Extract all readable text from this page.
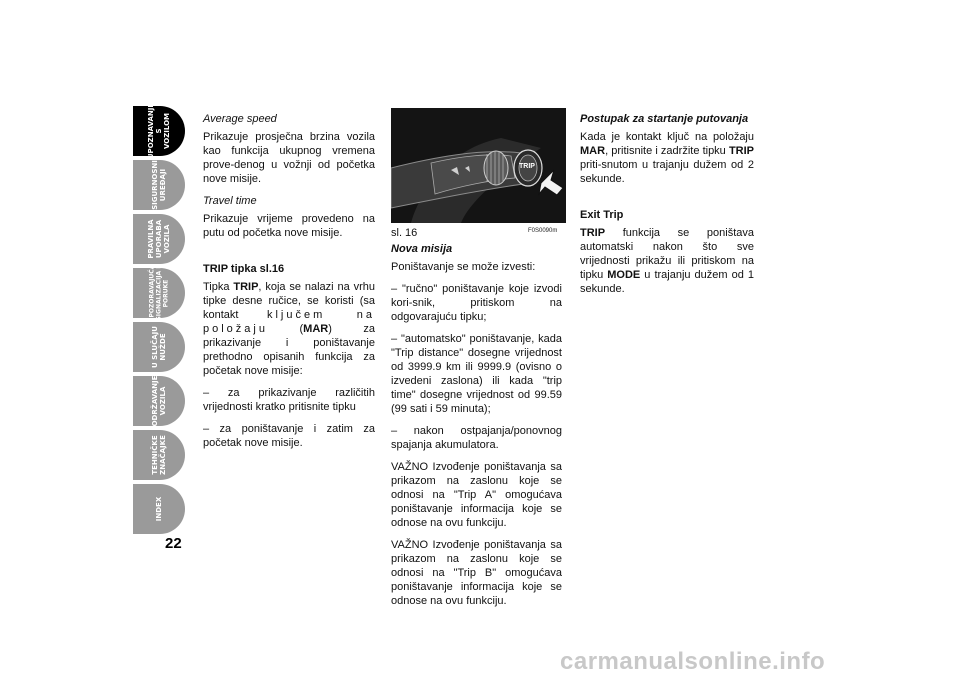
UPOZNAVANJE
S
VOZILOM
SIGURNOSNI
UREĐAJI
PRAVILNA
UPORABA
VOZILA
UPOZORAVAJUĆA
SIGNALIZACIJA I
PORUKE
U SLUČAJU
NUŽDE
ODRŽAVANJE
VOZILA
TEHNIČKE
ZNAČAJKE
INDEX
22

Average speed

Prikazuje prosječna brzina vozila kao funkcija ukupnog vremena prove-denog u vožnji od početka nove misije.

Travel time

Prikazuje vrijeme provedeno na putu od početka nove misije.

TRIP tipka sl.16

Tipka TRIP, koja se nalazi na vrhu tipke desne ručice, se koristi (sa kontakt	ključem na položaju (MAR) za prikazivanje i poništavanje prethodno opisanih funkcija za početak nove misije:

– za prikazivanje različitih vrijednosti kratko pritisnite tipku

– za poništavanje i zatim za početak nove misije.

TRIP
sl. 16	F0S0090m

Nova misija

Poništavanje se može izvesti:

– "ručno" poništavanje koje izvodi kori-snik, pritiskom na odgovarajuću tipku;

– "automatsko" poništavanje, kada "Trip distance" dosegne vrijednost od 3999.9 km ili 9999.9 (ovisno o izvedeni zaslona) ili kada "trip time" dosegne vrijednost od 99.59 (99 sati i 59 minuta);

– nakon ostpajanja/ponovnog spajanja akumulatora.

VAŽNO Izvođenje poništavanja sa prikazom na zaslonu koje se odnosi na "Trip A" omogućava poništavanje informacija koje se odnose na ovu funkciju.

VAŽNO Izvođenje poništavanja sa prikazom na zaslonu koje se odnosi na "Trip B" omogućava poništavanje informacija koje se odnose na ovu funkciju.

Postupak za startanje putovanja

Kada je kontakt ključ na položaju MAR, pritisnite i zadržite tipku TRIP priti-snutom u trajanju dužem od 2 sekunde.

Exit Trip

TRIP funkcija se poništava automatski nakon što sve vrijednosti prikažu ili pritiskom na tipku MODE u trajanju dužem od 1 sekunde.

carmanualsonline.info
